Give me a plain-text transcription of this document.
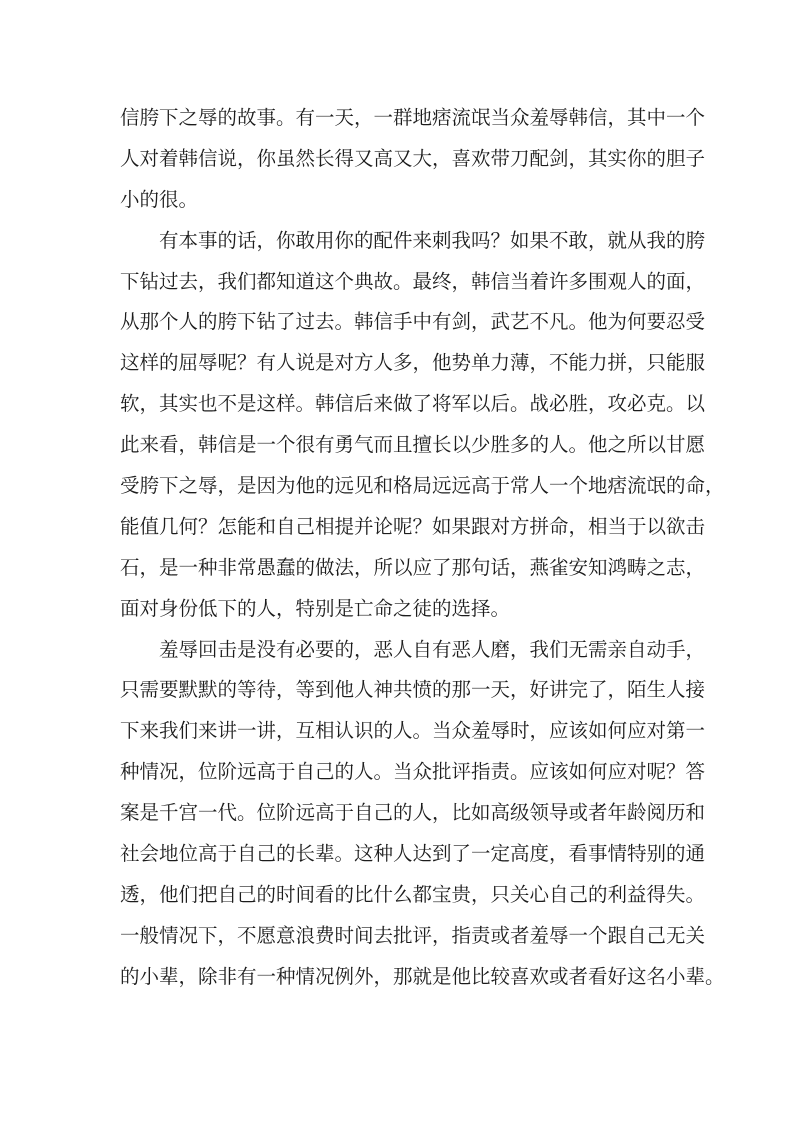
信胯下之辱的故事。有一天，一群地痞流氓当众羞辱韩信，其中一个
人对着韩信说，你虽然长得又高又大，喜欢带刀配剑，其实你的胆子
小的很。
　　有本事的话，你敢用你的配件来刺我吗？如果不敢，就从我的胯
下钻过去，我们都知道这个典故。最终，韩信当着许多围观人的面，
从那个人的胯下钻了过去。韩信手中有剑，武艺不凡。他为何要忍受
这样的屈辱呢？有人说是对方人多，他势单力薄，不能力拼，只能服
软，其实也不是这样。韩信后来做了将军以后。战必胜，攻必克。以
此来看，韩信是一个很有勇气而且擅长以少胜多的人。他之所以甘愿
受胯下之辱，是因为他的远见和格局远远高于常人一个地痞流氓的命，
能值几何？怎能和自己相提并论呢？如果跟对方拼命，相当于以欲击
石，是一种非常愚蠢的做法，所以应了那句话，燕雀安知鸿畴之志，
面对身份低下的人，特别是亡命之徒的选择。
　　羞辱回击是没有必要的，恶人自有恶人磨，我们无需亲自动手，
只需要默默的等待，等到他人神共愤的那一天，好讲完了，陌生人接
下来我们来讲一讲，互相认识的人。当众羞辱时，应该如何应对第一
种情况，位阶远高于自己的人。当众批评指责。应该如何应对呢？答
案是千宫一代。位阶远高于自己的人，比如高级领导或者年龄阅历和
社会地位高于自己的长辈。这种人达到了一定高度，看事情特别的通
透，他们把自己的时间看的比什么都宝贵，只关心自己的利益得失。
一般情况下，不愿意浪费时间去批评，指责或者羞辱一个跟自己无关
的小辈，除非有一种情况例外，那就是他比较喜欢或者看好这名小辈。
